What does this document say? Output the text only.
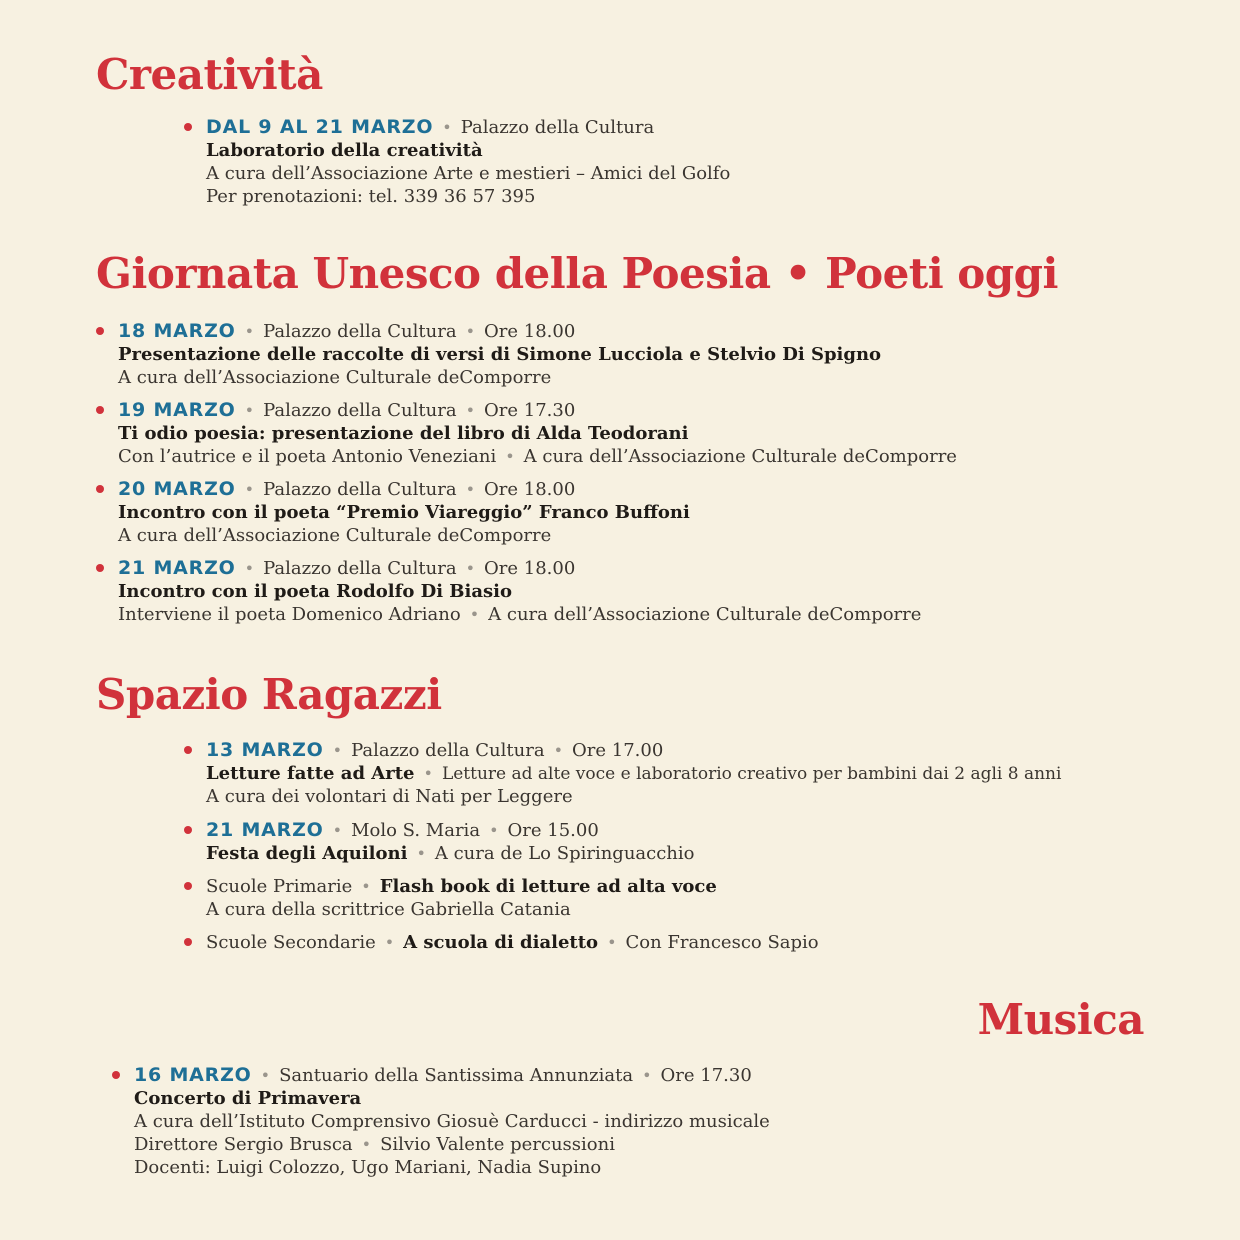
Creatività
DAL 9 AL 21 MARZO • Palazzo della Cultura
Laboratorio della creatività
A cura dell’Associazione Arte e mestieri – Amici del Golfo
Per prenotazioni: tel. 339 36 57 395
Giornata Unesco della Poesia • Poeti oggi
18 MARZO • Palazzo della Cultura • Ore 18.00
Presentazione delle raccolte di versi di Simone Lucciola e Stelvio Di Spigno
A cura dell’Associazione Culturale deComporre
19 MARZO • Palazzo della Cultura • Ore 17.30
Ti odio poesia: presentazione del libro di Alda Teodorani
Con l’autrice e il poeta Antonio Veneziani • A cura dell’Associazione Culturale deComporre
20 MARZO • Palazzo della Cultura • Ore 18.00
Incontro con il poeta “Premio Viareggio” Franco Buffoni
A cura dell’Associazione Culturale deComporre
21 MARZO • Palazzo della Cultura • Ore 18.00
Incontro con il poeta Rodolfo Di Biasio
Interviene il poeta Domenico Adriano • A cura dell’Associazione Culturale deComporre
Spazio Ragazzi
13 MARZO • Palazzo della Cultura • Ore 17.00
Letture fatte ad Arte • Letture ad alte voce e laboratorio creativo per bambini dai 2 agli 8 anni
A cura dei volontari di Nati per Leggere
21 MARZO • Molo S. Maria • Ore 15.00
Festa degli Aquiloni • A cura de Lo Spiringuacchio
Scuole Primarie • Flash book di letture ad alta voce
A cura della scrittrice Gabriella Catania
Scuole Secondarie • A scuola di dialetto • Con Francesco Sapio
Musica
16 MARZO • Santuario della Santissima Annunziata • Ore 17.30
Concerto di Primavera
A cura dell’Istituto Comprensivo Giosuè Carducci - indirizzo musicale
Direttore Sergio Brusca • Silvio Valente percussioni
Docenti: Luigi Colozzo, Ugo Mariani, Nadia Supino
